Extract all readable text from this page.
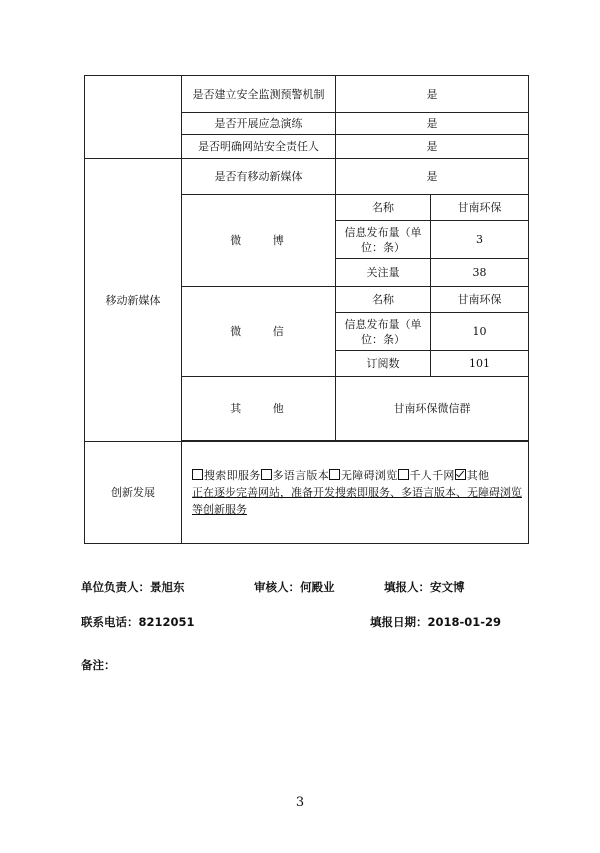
	是否建立安全监测预警机制	是	
	是否开展应急演练	是	
	是否明确网站安全责任人	是	
移动新媒体	是否有移动新媒体	是	
	微 博	名称	甘南环保
		信息发布量（单位：条）	3
		关注量	38
	微 信	名称	甘南环保
		信息发布量（单位：条）	10
		订阅数	101
	其 他	甘南环保微信群	

创新发展	搜索即服务 多语言版本 无障碍浏览 千人千网 其他
正在逐步完善网站，准备开发搜索即服务、多语言版本、无障碍浏览等创新服务		
单位负责人：景旭东	审核人：何殿业	填报人：安文博
联系电话：8212051	填报日期：2018-01-29
备注：
3
